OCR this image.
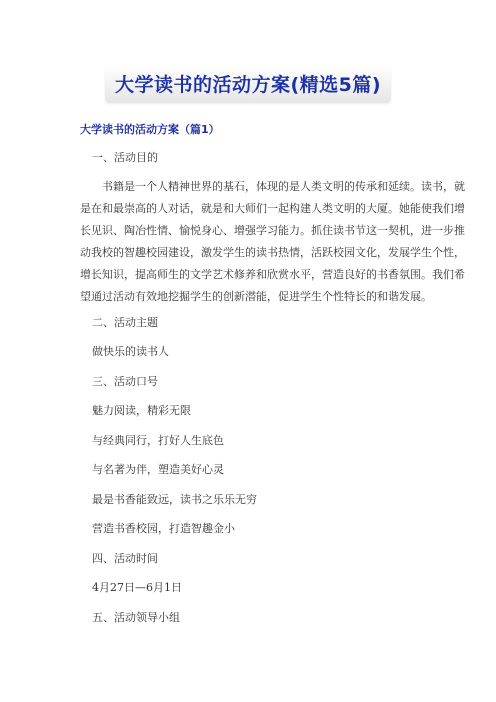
大学读书的活动方案(精选5篇)
大学读书的活动方案（篇1）
一、活动目的
书籍是一个人精神世界的基石，体现的是人类文明的传承和延续。读书，就
是在和最崇高的人对话，就是和大师们一起构建人类文明的大厦。她能使我们增
长见识、陶冶性情、愉悦身心、增强学习能力。抓住读书节这一契机，进一步推
动我校的智趣校园建设，激发学生的读书热情，活跃校园文化，发展学生个性，
增长知识，提高师生的文学艺术修养和欣赏水平，营造良好的书香氛围。我们希
望通过活动有效地挖掘学生的创新潜能，促进学生个性特长的和谐发展。
二、活动主题
做快乐的读书人
三、活动口号
魅力阅读，精彩无限
与经典同行，打好人生底色
与名著为伴，塑造美好心灵
最是书香能致远，读书之乐乐无穷
营造书香校园，打造智趣金小
四、活动时间
4月27日—6月1日
五、活动领导小组
